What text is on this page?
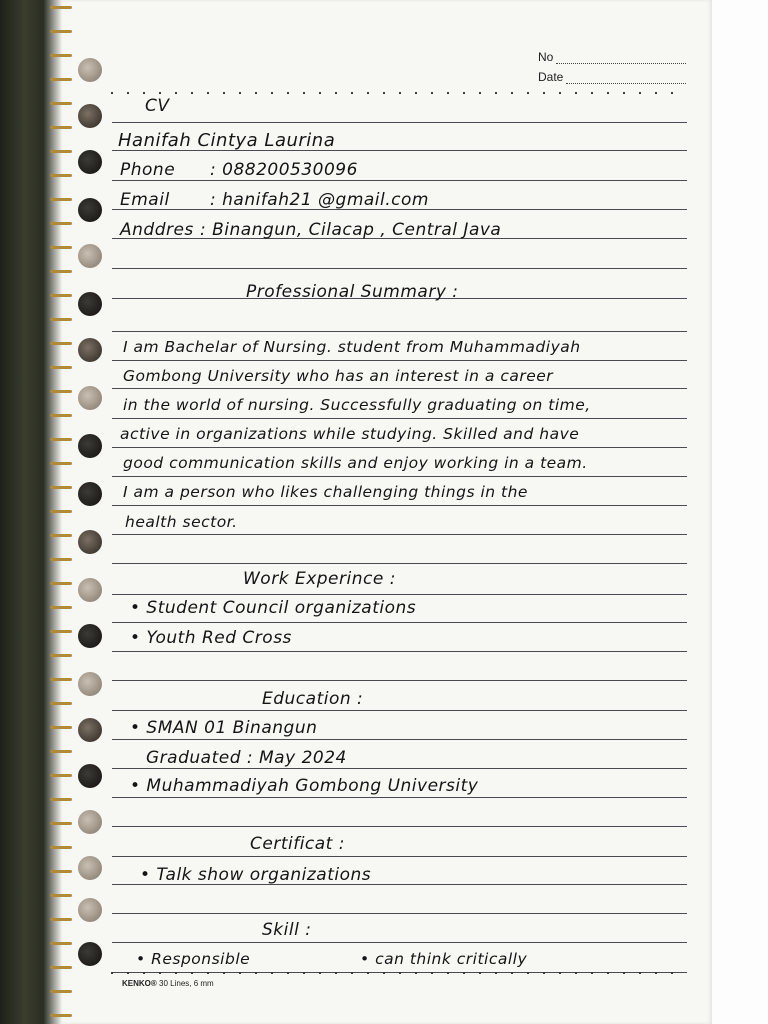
No
Date
CV
Hanifah Cintya Laurina
Phone : 088200530096
Email : hanifah21 @gmail.com
Anddres : Binangun, Cilacap , Central Java
Professional Summary :
I am Bachelar of Nursing. student from Muhammadiyah
Gombong University who has an interest in a career
in the world of nursing. Successfully graduating on time,
active in organizations while studying. Skilled and have
good communication skills and enjoy working in a team.
I am a person who likes challenging things in the
health sector.
Work Experince :
• Student Council organizations
• Youth Red Cross
Education :
• SMAN 01 Binangun
Graduated : May 2024
• Muhammadiyah Gombong University
Certificat :
• Talk show organizations
Skill :
• Responsible	• can think critically
KENKO® 30 Lines, 6 mm
